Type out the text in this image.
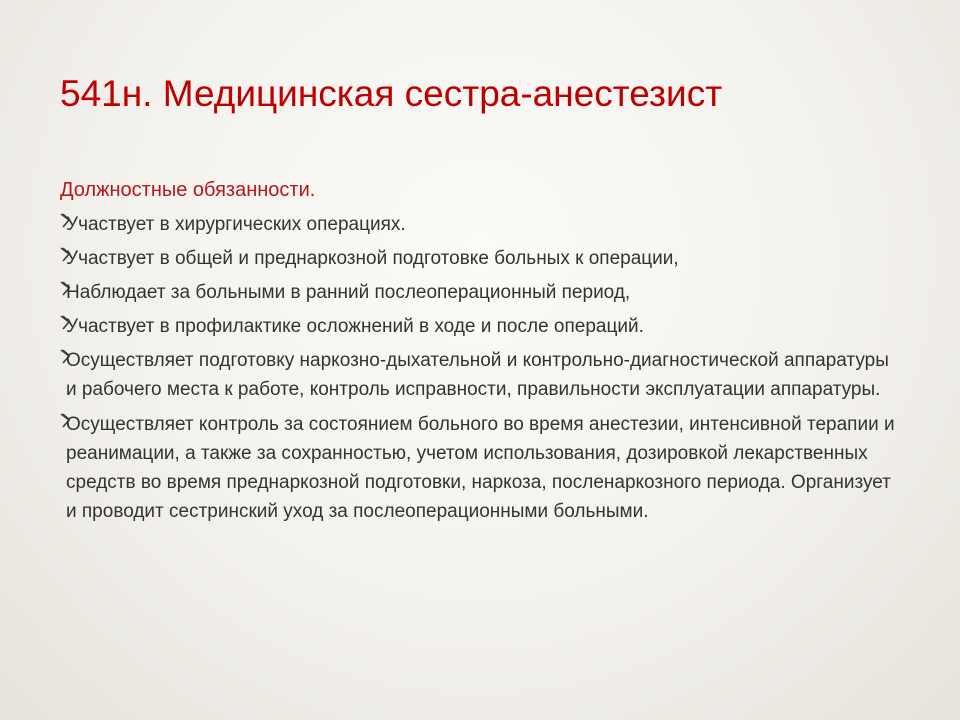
541н. Медицинская сестра-анестезист
Должностные обязанности.
Участвует в хирургических операциях.
Участвует в общей и преднаркозной подготовке больных к операции,
Наблюдает за больными в ранний послеоперационный период,
Участвует в профилактике осложнений в ходе и после операций.
Осуществляет подготовку наркозно-дыхательной и контрольно-диагностической аппаратуры и рабочего места к работе, контроль исправности, правильности эксплуатации аппаратуры.
Осуществляет контроль за состоянием больного во время анестезии, интенсивной терапии и реанимации, а также за сохранностью, учетом использования, дозировкой лекарственных средств во время преднаркозной подготовки, наркоза, посленаркозного периода. Организует и проводит сестринский уход за послеоперационными больными.
